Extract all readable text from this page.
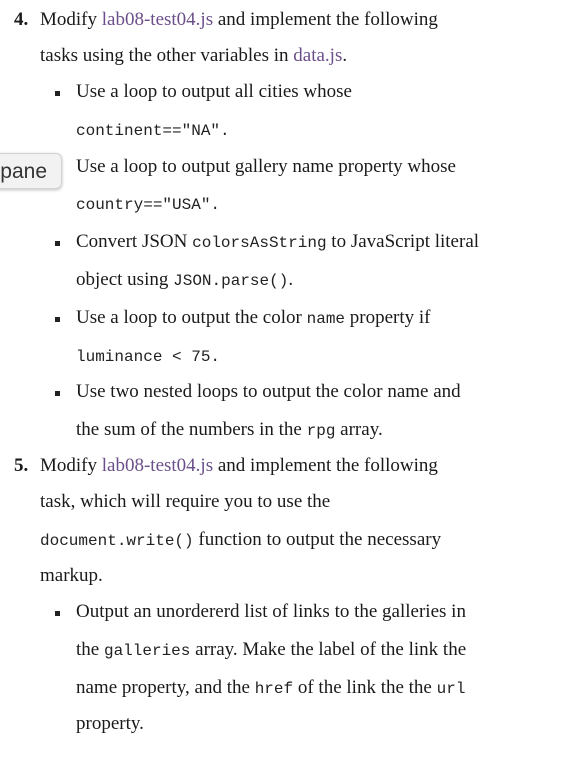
4. Modify lab08-test04.js and implement the following
tasks using the other variables in data.js.
Use a loop to output all cities whose
continent=="NA".
Use a loop to output gallery name property whose
country=="USA".
Convert JSON colorsAsString to JavaScript literal
object using JSON.parse().
Use a loop to output the color name property if
luminance < 75.
Use two nested loops to output the color name and
the sum of the numbers in the rpg array.
5. Modify lab08-test04.js and implement the following
task, which will require you to use the
document.write() function to output the necessary
markup.
Output an unordererd list of links to the galleries in
the galleries array. Make the label of the link the
name property, and the href of the link the the url
property.
pane
